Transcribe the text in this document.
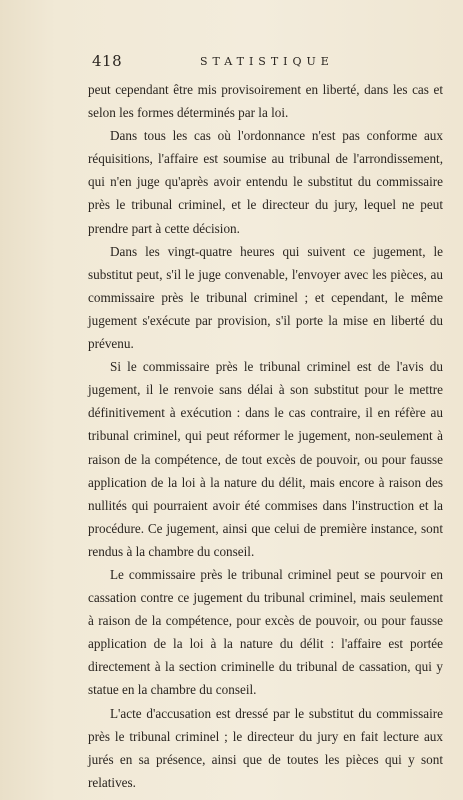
418	STATISTIQUE

peut cependant être mis provisoirement en liberté, dans les cas et selon les formes déterminés par la loi.

Dans tous les cas où l'ordonnance n'est pas conforme aux réquisitions, l'affaire est soumise au tribunal de l'arrondissement, qui n'en juge qu'après avoir entendu le substitut du commissaire près le tribunal criminel, et le directeur du jury, lequel ne peut prendre part à cette décision.

Dans les vingt-quatre heures qui suivent ce jugement, le substitut peut, s'il le juge convenable, l'envoyer avec les pièces, au commissaire près le tribunal criminel ; et cependant, le même jugement s'exécute par provision, s'il porte la mise en liberté du prévenu.

Si le commissaire près le tribunal criminel est de l'avis du jugement, il le renvoie sans délai à son substitut pour le mettre définitivement à exécution : dans le cas contraire, il en réfère au tribunal criminel, qui peut réformer le jugement, non-seulement à raison de la compétence, de tout excès de pouvoir, ou pour fausse application de la loi à la nature du délit, mais encore à raison des nullités qui pourraient avoir été commises dans l'instruction et la procédure. Ce jugement, ainsi que celui de première instance, sont rendus à la chambre du conseil.

Le commissaire près le tribunal criminel peut se pourvoir en cassation contre ce jugement du tribunal criminel, mais seulement à raison de la compétence, pour excès de pouvoir, ou pour fausse application de la loi à la nature du délit : l'affaire est portée directement à la section criminelle du tribunal de cassation, qui y statue en la chambre du conseil.

L'acte d'accusation est dressé par le substitut du commissaire près le tribunal criminel ; le directeur du jury en fait lecture aux jurés en sa présence, ainsi que de toutes les pièces qui y sont relatives.
